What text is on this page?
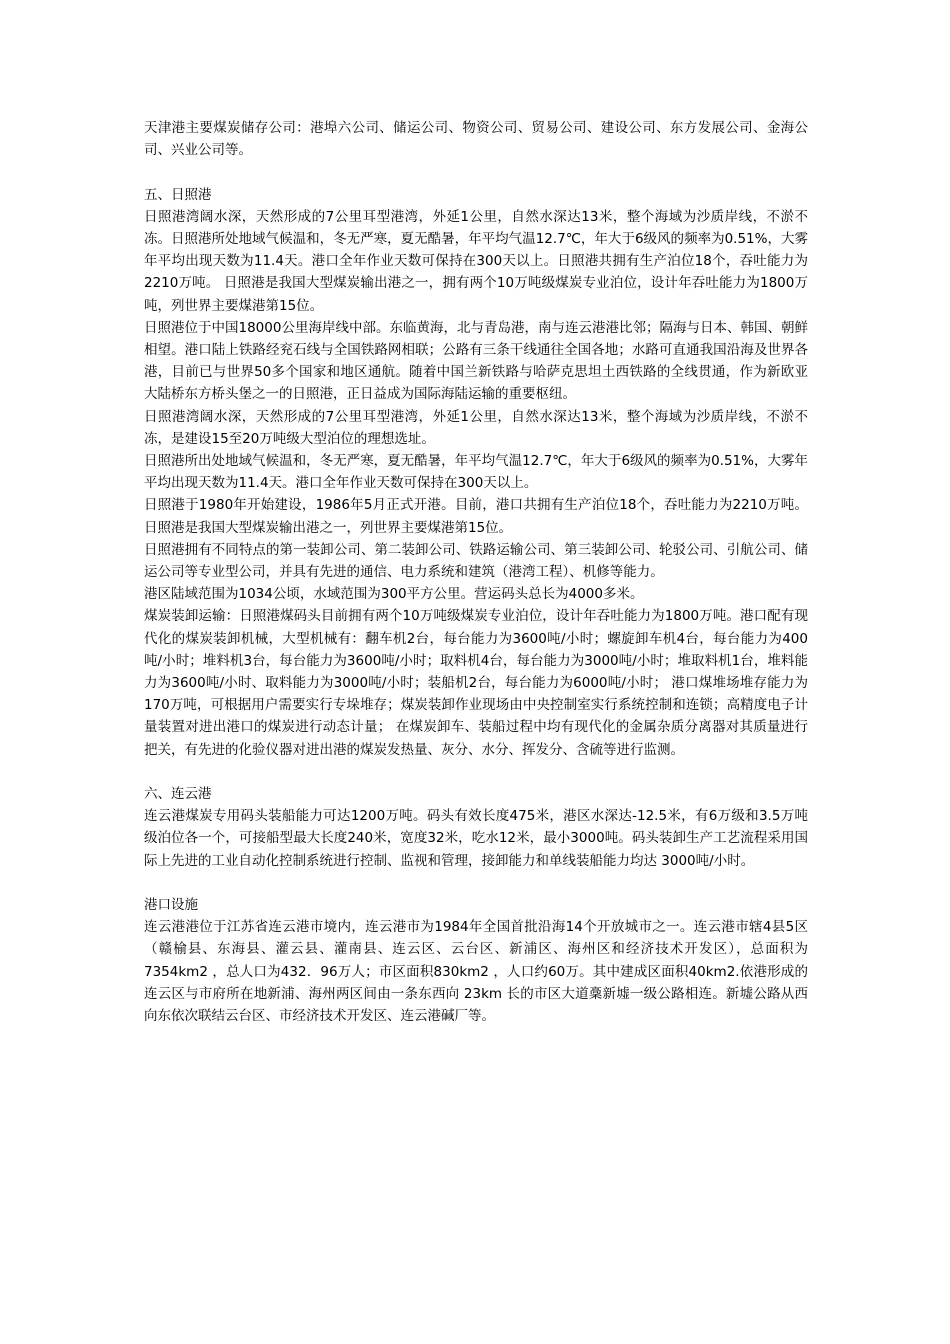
天津港主要煤炭储存公司：港埠六公司、储运公司、物资公司、贸易公司、建设公司、东方发展公司、金海公司、兴业公司等。

五、日照港

日照港湾阔水深，天然形成的7公里耳型港湾，外延1公里，自然水深达13米，整个海域为沙质岸线，不淤不冻。日照港所处地域气候温和，冬无严寒，夏无酷暑，年平均气温12.7℃，年大于6级风的频率为0.51%，大雾年平均出现天数为11.4天。港口全年作业天数可保持在300天以上。日照港共拥有生产泊位18个，吞吐能力为2210万吨。 日照港是我国大型煤炭输出港之一，拥有两个10万吨级煤炭专业泊位，设计年吞吐能力为1800万吨，列世界主要煤港第15位。

日照港位于中国18000公里海岸线中部。东临黄海，北与青岛港，南与连云港港比邻；隔海与日本、韩国、朝鲜相望。港口陆上铁路经兖石线与全国铁路网相联；公路有三条干线通往全国各地；水路可直通我国沿海及世界各港，目前已与世界50多个国家和地区通航。随着中国兰新铁路与哈萨克思坦土西铁路的全线贯通，作为新欧亚大陆桥东方桥头堡之一的日照港，正日益成为国际海陆运输的重要枢纽。

日照港湾阔水深，天然形成的7公里耳型港湾，外延1公里，自然水深达13米，整个海域为沙质岸线，不淤不冻，是建设15至20万吨级大型泊位的理想选址。

日照港所出处地域气候温和，冬无严寒，夏无酷暑，年平均气温12.7℃，年大于6级风的频率为0.51%，大雾年平均出现天数为11.4天。港口全年作业天数可保持在300天以上。

日照港于1980年开始建设，1986年5月正式开港。目前，港口共拥有生产泊位18个，吞吐能力为2210万吨。日照港是我国大型煤炭输出港之一，列世界主要煤港第15位。

日照港拥有不同特点的第一装卸公司、第二装卸公司、铁路运输公司、第三装卸公司、轮驳公司、引航公司、储运公司等专业型公司，并具有先进的通信、电力系统和建筑（港湾工程）、机修等能力。

港区陆域范围为1034公顷，水域范围为300平方公里。营运码头总长为4000多米。

煤炭装卸运输：日照港煤码头目前拥有两个10万吨级煤炭专业泊位，设计年吞吐能力为1800万吨。港口配有现代化的煤炭装卸机械，大型机械有：翻车机2台，每台能力为3600吨/小时；螺旋卸车机4台，每台能力为400吨/小时；堆料机3台，每台能力为3600吨/小时；取料机4台，每台能力为3000吨/小时；堆取料机1台，堆料能力为3600吨/小时、取料能力为3000吨/小时；装船机2台，每台能力为6000吨/小时； 港口煤堆场堆存能力为170万吨，可根据用户需要实行专垛堆存；煤炭装卸作业现场由中央控制室实行系统控制和连锁；高精度电子计量装置对进出港口的煤炭进行动态计量； 在煤炭卸车、装船过程中均有现代化的金属杂质分离器对其质量进行把关，有先进的化验仪器对进出港的煤炭发热量、灰分、水分、挥发分、含硫等进行监测。

六、连云港

连云港煤炭专用码头装船能力可达1200万吨。码头有效长度475米，港区水深达-12.5米，有6万级和3.5万吨级泊位各一个，可接船型最大长度240米，宽度32米，吃水12米，最小3000吨。码头装卸生产工艺流程采用国际上先进的工业自动化控制系统进行控制、监视和管理，接卸能力和单线装船能力均达 3000吨/小时。

港口设施

连云港港位于江苏省连云港市境内，连云港市为1984年全国首批沿海14个开放城市之一。连云港市辖4县5区（赣榆县、东海县、灌云县、灌南县、连云区、云台区、新浦区、海州区和经济技术开发区），总面积为7354km2 ，总人口为432．96万人；市区面积830km2 ，人口约60万。其中建成区面积40km2.依港形成的连云区与市府所在地新浦、海州两区间由一条东西向 23km 长的市区大道稾新墟一级公路相连。新墟公路从西向东依次联结云台区、市经济技术开发区、连云港碱厂等。
